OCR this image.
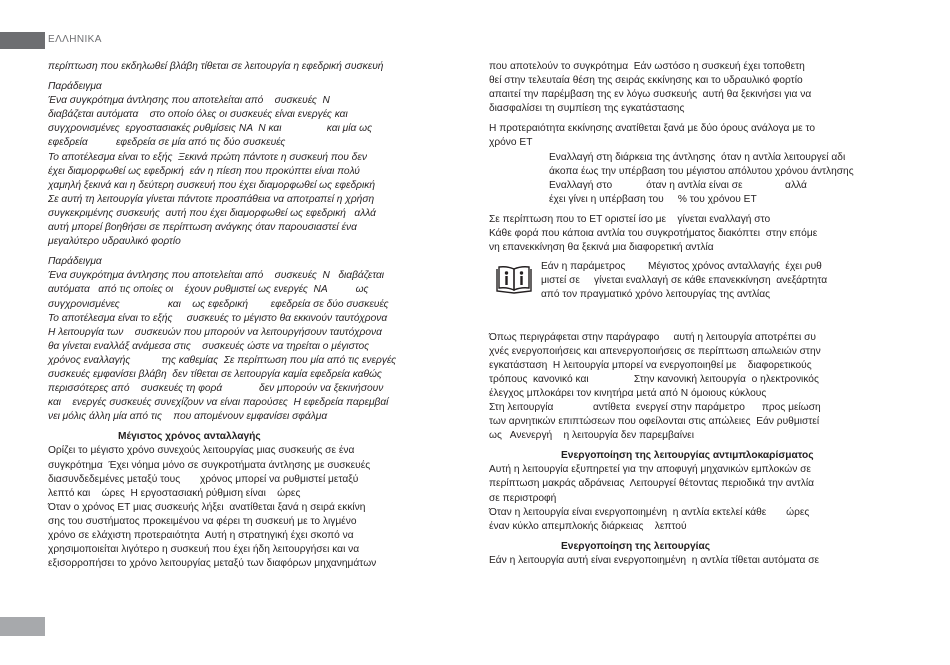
ΕΛΛΗΝΙΚΑ
περίπτωση που εκδηλωθεί βλάβη τίθεται σε λειτουργία η εφεδρική συσκευή
Παράδειγμα
Ένα συγκρότημα άντλησης που αποτελείται από    συσκευές  Ν
διαβάζεται αυτόματα    στο οποίο όλες οι συσκευές είναι ενεργές και
συγχρονισμένες  εργοστασιακές ρυθμίσεις ΝΑ  Ν και                και μία ως
εφεδρεία          εφεδρεία σε μία από τις δύο συσκευές
Το αποτέλεσμα είναι το εξής  Ξεκινά πρώτη πάντοτε η συσκευή που δεν
έχει διαμορφωθεί ως εφεδρική  εάν η πίεση που προκύπτει είναι πολύ
χαμηλή ξεκινά και η δεύτερη συσκευή που έχει διαμορφωθεί ως εφεδρική
Σε αυτή τη λειτουργία γίνεται πάντοτε προσπάθεια να αποτραπεί η χρήση
συγκεκριμένης συσκευής  αυτή που έχει διαμορφωθεί ως εφεδρική   αλλά
αυτή μπορεί βοηθήσει σε περίπτωση ανάγκης όταν παρουσιαστεί ένα
μεγαλύτερο υδραυλικό φορτίο
Παράδειγμα
Ένα συγκρότημα άντλησης που αποτελείται από    συσκευές  Ν   διαβάζεται
αυτόματα   από τις οποίες οι    έχουν ρυθμιστεί ως ενεργές  ΝΑ          ως
συγχρονισμένες                 και    ως εφεδρική        εφεδρεία σε δύο συσκευές
Το αποτέλεσμα είναι το εξής     συσκευές το μέγιστο θα εκκινούν ταυτόχρονα
Η λειτουργία των    συσκευών που μπορούν να λειτουργήσουν ταυτόχρονα
θα γίνεται εναλλάξ ανάμεσα στις    συσκευές ώστε να τηρείται ο μέγιστος
χρόνος εναλλαγής           της καθεμίας  Σε περίπτωση που μία από τις ενεργές
συσκευές εμφανίσει βλάβη  δεν τίθεται σε λειτουργία καμία εφεδρεία καθώς
περισσότερες από    συσκευές τη φορά             δεν μπορούν να ξεκινήσουν
και    ενεργές συσκευές συνεχίζουν να είναι παρούσες  Η εφεδρεία παρεμβαί
νει μόλις άλλη μία από τις    που απομένουν εμφανίσει σφάλμα
Μέγιστος χρόνος ανταλλαγής
Ορίζει το μέγιστο χρόνο συνεχούς λειτουργίας μιας συσκευής σε ένα
συγκρότημα  Έχει νόημα μόνο σε συγκροτήματα άντλησης με συσκευές
διασυνδεδεμένες μεταξύ τους       χρόνος μπορεί να ρυθμιστεί μεταξύ
λεπτό και    ώρες  Η εργοστασιακή ρύθμιση είναι    ώρες
Όταν ο χρόνος ΕΤ μιας συσκευής λήξει  ανατίθεται ξανά η σειρά εκκίνη
σης του συστήματος προκειμένου να φέρει τη συσκευή με το λιγμένο
χρόνο σε ελάχιστη προτεραιότητα  Αυτή η στρατηγική έχει σκοπό να
χρησιμοποιείται λιγότερο η συσκευή που έχει ήδη λειτουργήσει και να
εξισορροπήσει το χρόνο λειτουργίας μεταξύ των διαφόρων μηχανημάτων
που αποτελούν το συγκρότημα  Εάν ωστόσο η συσκευή έχει τοποθετη
θεί στην τελευταία θέση της σειράς εκκίνησης και το υδραυλικό φορτίο
απαιτεί την παρέμβαση της εν λόγω συσκευής  αυτή θα ξεκινήσει για να
διασφαλίσει τη συμπίεση της εγκατάστασης
Η προτεραιότητα εκκίνησης ανατίθεται ξανά με δύο όρους ανάλογα με το
χρόνο ΕΤ
Εναλλαγή στη διάρκεια της άντλησης  όταν η αντλία λειτουργεί αδι
άκοπα έως την υπέρβαση του μέγιστου απόλυτου χρόνου άντλησης
Εναλλαγή στο            όταν η αντλία είναι σε               αλλά
έχει γίνει η υπέρβαση του     % του χρόνου ΕΤ
Σε περίπτωση που το ΕΤ οριστεί ίσο με    γίνεται εναλλαγή στο
Κάθε φορά που κάποια αντλία του συγκροτήματος διακόπτει  στην επόμε
νη επανεκκίνηση θα ξεκινά μια διαφορετική αντλία
Εάν η παράμετρος        Μέγιστος χρόνος ανταλλαγής  έχει ρυθ
μιστεί σε     γίνεται εναλλαγή σε κάθε επανεκκίνηση  ανεξάρτητα
από τον πραγματικό χρόνο λειτουργίας της αντλίας
Όπως περιγράφεται στην παράγραφο     αυτή η λειτουργία αποτρέπει συ
χνές ενεργοποιήσεις και απενεργοποιήσεις σε περίπτωση απωλειών στην
εγκατάσταση  Η λειτουργία μπορεί να ενεργοποιηθεί με    διαφορετικούς
τρόπους  κανονικό και                Στην κανονική λειτουργία  ο ηλεκτρονικός
έλεγχος μπλοκάρει τον κινητήρα μετά από Ν όμοιους κύκλους
Στη λειτουργία              αντίθετα  ενεργεί στην παράμετρο      προς μείωση
των αρνητικών επιπτώσεων που οφείλονται στις απώλειες  Εάν ρυθμιστεί
ως   Ανενεργή    η λειτουργία δεν παρεμβαίνει
Ενεργοποίηση της λειτουργίας αντιμπλοκαρίσματος
Αυτή η λειτουργία εξυπηρετεί για την αποφυγή μηχανικών εμπλοκών σε
περίπτωση μακράς αδράνειας  Λειτουργεί θέτοντας περιοδικά την αντλία
σε περιστροφή
Όταν η λειτουργία είναι ενεργοποιημένη  η αντλία εκτελεί κάθε       ώρες
έναν κύκλο απεμπλοκής διάρκειας    λεπτού
Ενεργοποίηση της λειτουργίας
Εάν η λειτουργία αυτή είναι ενεργοποιημένη  η αντλία τίθεται αυτόματα σε
